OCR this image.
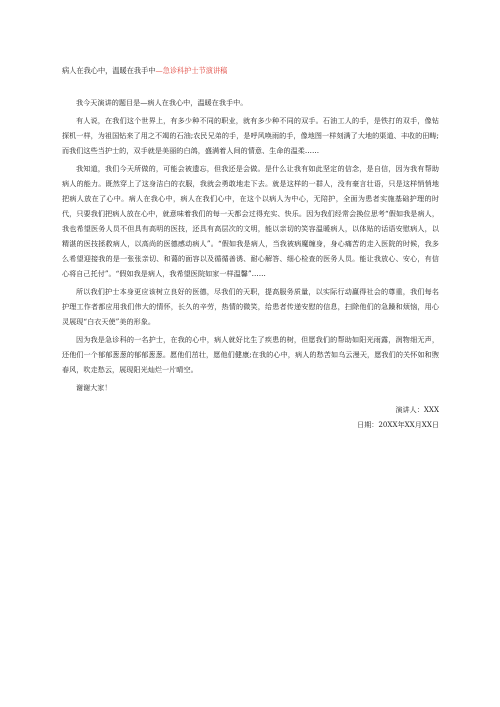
病人在我心中，温暖在我手中—急诊科护士节演讲稿

我今天演讲的题目是—病人在我心中，温暖在我手中。

有人说，在我们这个世界上，有多少种不同的职业，就有多少种不同的双手。石油工人的手，是铁打的双手，像钻探机一样，为祖国钻来了用之不竭的石油;农民兄弟的手，是呼风唤雨的手，像地图一样刻满了大地的渠道、丰收的田畴;而我们这些当护士的，双手就是美丽的白鸽，盛满着人间的情意、生命的温柔……

我知道，我们今天所做的，可能会被遗忘，但我还是会做。是什么让我有如此坚定的信念，是自信，因为我有帮助病人的能力。既然穿上了这身洁白的衣服，我就会勇敢地走下去。就是这样的一群人，没有豪言壮语，只是这样悄悄地把病人放在了心中。病人在我心中，病人在我们心中，在这个以病人为中心，无陪护，全面为患者实施基础护理的时代，只要我们把病人放在心中，就意味着我们的每一天都会过得充实、快乐。因为我们经常会换位思考“假如我是病人，我也希望医务人员不但具有高明的医技，还具有高层次的文明，能以亲切的笑容温暖病人，以体贴的话语安慰病人，以精湛的医技拯救病人，以高尚的医德感动病人”。“假如我是病人，当我被病魔缠身，身心痛苦的走入医院的时候，我多么希望迎接我的是一张张亲切、和蔼的面容以及循循善诱、耐心解答、细心检查的医务人员。能让我放心、安心，有信心将自己托付”。“假如我是病人，我希望医院如家一样温馨”……

所以我们护士本身更应该树立良好的医德，尽我们的天职，提高服务质量，以实际行动赢得社会的尊重，我们每名护理工作者都应用我们伟大的情怀，长久的辛劳，热情的微笑，给患者传递安慰的信息，扫除他们的急躁和烦恼，用心灵展现“白衣天使”美的形象。

因为我是急诊科的一名护士，在我的心中，病人就好比生了疾患的树，但愿我们的帮助如阳光雨露，润物细无声，还他们一个郁郁葱葱的郁郁葱葱。愿他们茁壮，愿他们健康;在我的心中，病人的愁苦如乌云漫天，愿我们的关怀如和煦春风，吹走愁云，展现阳光灿烂一片晴空。

谢谢大家！

演讲人：XXX

日期：20XX年XX月XX日
